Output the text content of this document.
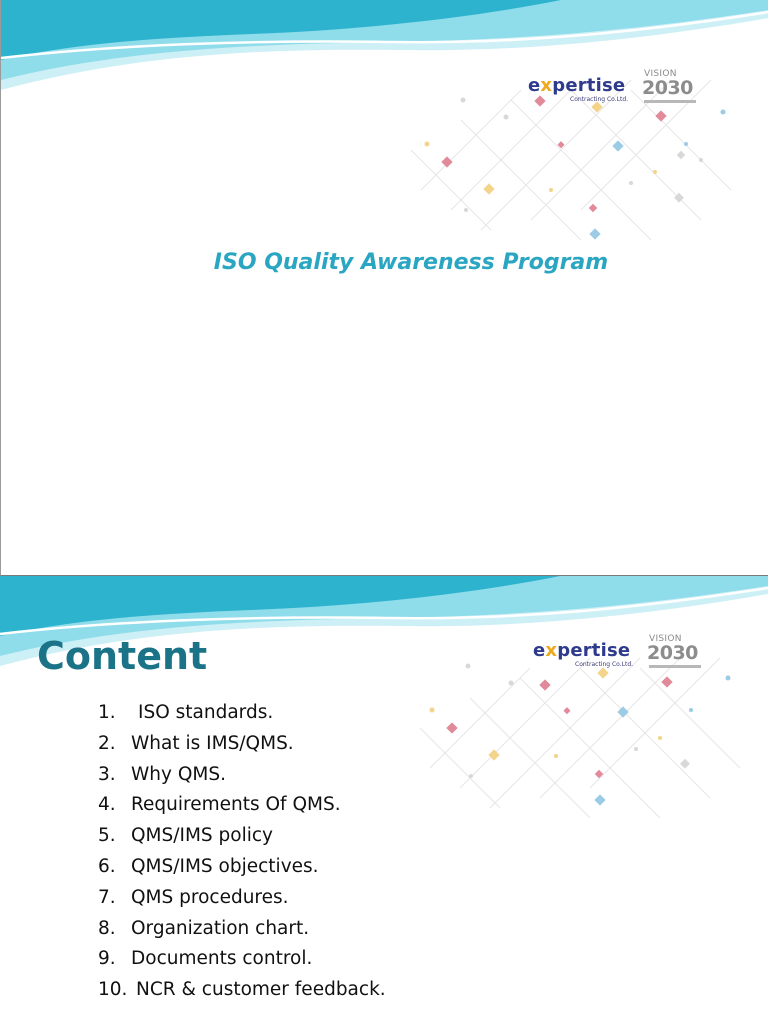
expertise
Contracting Co.Ltd.
VISION
2030
ISO Quality Awareness Program
expertise
Contracting Co.Ltd.
VISION
2030
Content
1. ISO standards.
2. What is IMS/QMS.
3. Why QMS.
4. Requirements Of QMS.
5. QMS/IMS policy
6. QMS/IMS objectives.
7. QMS procedures.
8. Organization chart.
9. Documents control.
10. NCR & customer feedback.
